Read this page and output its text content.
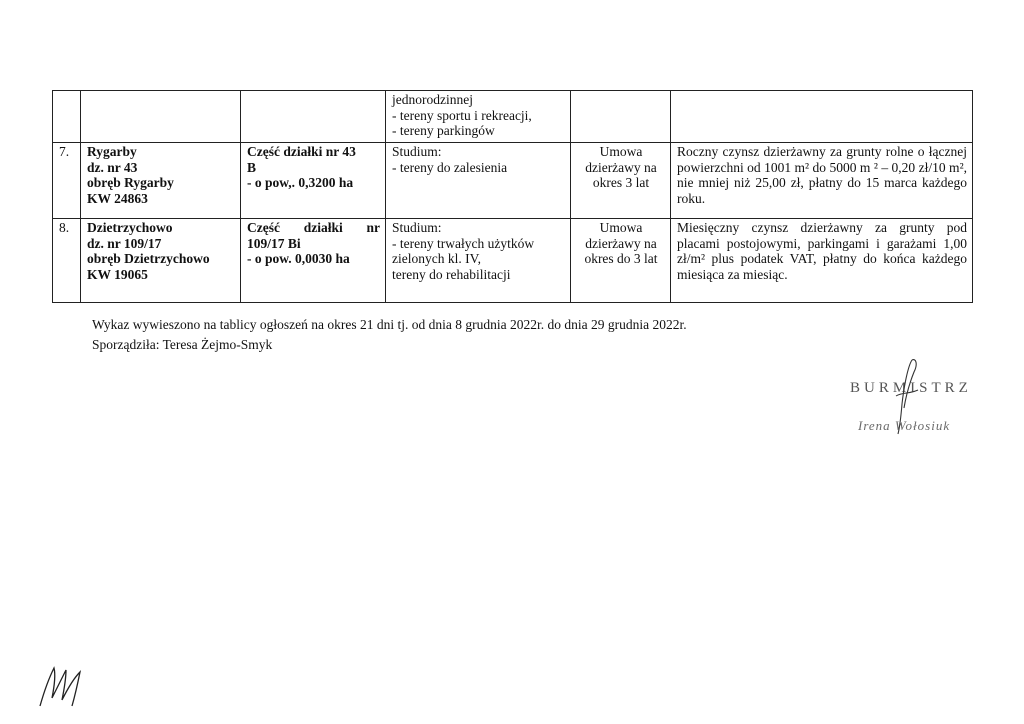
			jednorodzinnej
- tereny sportu i rekreacji,
- tereny parkingów		

7.	Rygarby
dz. nr 43
obręb Rygarby
KW 24863	Część działki nr 43
B
- o pow,. 0,3200 ha	Studium:
- tereny do zalesienia	Umowa
dzierżawy na
okres 3 lat	Roczny czynsz dzierżawny za grunty rolne o łącznej powierzchni od 1001 m² do 5000 m ² – 0,20 zł/10 m², nie mniej niż 25,00 zł, płatny do 15 marca każdego roku.
8.	Dzietrzychowo
dz. nr 109/17
obręb Dzietrzychowo
KW 19065	Część działki nr
109/17 Bi
- o pow. 0,0030 ha	Studium:
- tereny trwałych użytków
zielonych kl. IV,
tereny do rehabilitacji	Umowa
dzierżawy na
okres do 3 lat	Miesięczny czynsz dzierżawny za grunty pod placami postojowymi, parkingami i garażami 1,00 zł/m² plus podatek VAT, płatny do końca każdego miesiąca za miesiąc.
Wykaz wywieszono na tablicy ogłoszeń na okres 21 dni tj. od dnia 8 grudnia 2022r. do dnia 29 grudnia 2022r.
Sporządziła: Teresa Żejmo-Smyk
BURMISTRZ
Irena Wołosiuk
